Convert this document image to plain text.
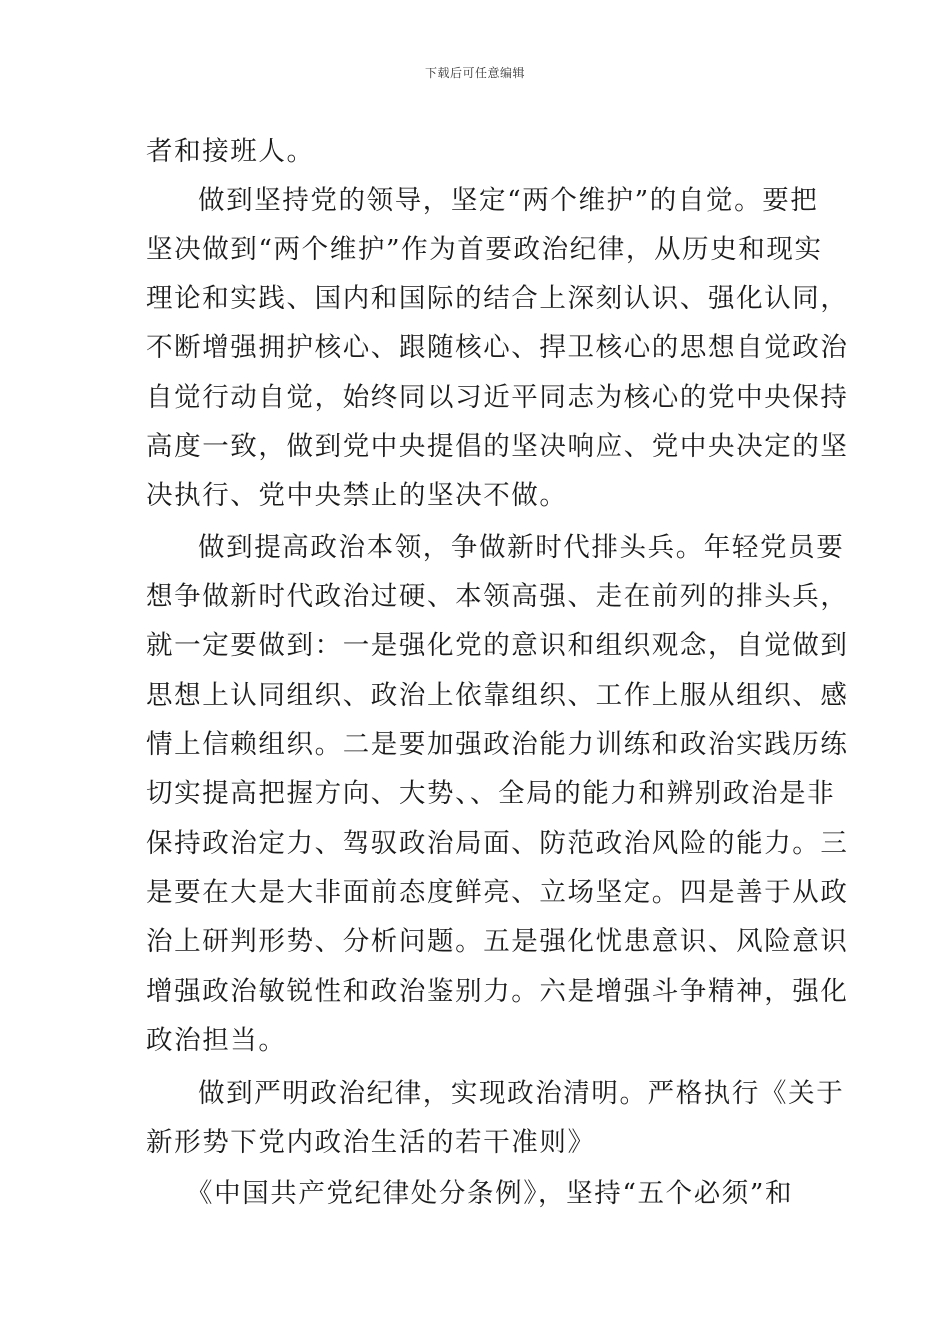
下载后可任意编辑
者和接班人。
做到坚持党的领导，坚定“两个维护”的自觉。要把
坚决做到“两个维护”作为首要政治纪律，从历史和现实
理论和实践、国内和国际的结合上深刻认识、强化认同，
不断增强拥护核心、跟随核心、捍卫核心的思想自觉政治
自觉行动自觉，始终同以习近平同志为核心的党中央保持
高度一致，做到党中央提倡的坚决响应、党中央决定的坚
决执行、党中央禁止的坚决不做。
做到提高政治本领，争做新时代排头兵。年轻党员要
想争做新时代政治过硬、本领高强、走在前列的排头兵，
就一定要做到：一是强化党的意识和组织观念，自觉做到
思想上认同组织、政治上依靠组织、工作上服从组织、感
情上信赖组织。二是要加强政治能力训练和政治实践历练
切实提高把握方向、大势、、全局的能力和辨别政治是非
保持政治定力、驾驭政治局面、防范政治风险的能力。三
是要在大是大非面前态度鲜亮、立场坚定。四是善于从政
治上研判形势、分析问题。五是强化忧患意识、风险意识
增强政治敏锐性和政治鉴别力。六是增强斗争精神，强化
政治担当。
做到严明政治纪律，实现政治清明。严格执行《关于
新形势下党内政治生活的若干准则》
《中国共产党纪律处分条例》，坚持“五个必须”和
